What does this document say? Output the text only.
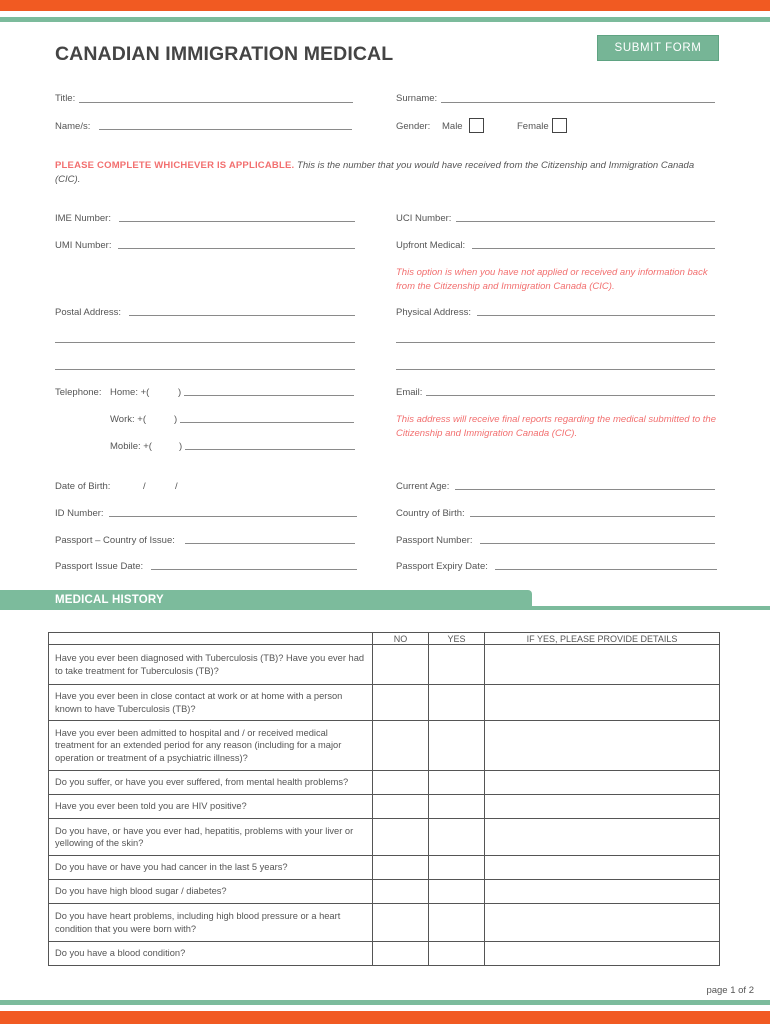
CANADIAN IMMIGRATION MEDICAL	SUBMIT FORM
Title:	Surname:
Name/s:	Gender: Male	Female
PLEASE COMPLETE WHICHEVER IS APPLICABLE. This is the number that you would have received from the Citizenship and Immigration Canada (CIC).
IME Number:	UCI Number:
UMI Number:	Upfront Medical:
This option is when you have not applied or received any information back from the Citizenship and Immigration Canada (CIC).
Postal Address:	Physical Address:
Telephone: Home: +(	)
Work: +(	)
Mobile: +(	)
Email:
This address will receive final reports regarding the medical submitted to the Citizenship and Immigration Canada (CIC).
Date of Birth:	/	/	Current Age:
ID Number:	Country of Birth:
Passport – Country of Issue:	Passport Number:
Passport Issue Date:	Passport Expiry Date:
MEDICAL HISTORY
	NO	YES	IF YES, PLEASE PROVIDE DETAILS
Have you ever been diagnosed with Tuberculosis (TB)? Have you ever had to take treatment for Tuberculosis (TB)?			
Have you ever been in close contact at work or at home with a person known to have Tuberculosis (TB)?			
Have you ever been admitted to hospital and / or received medical treatment for an extended period for any reason (including for a major operation or treatment of a psychiatric illness)?			
Do you suffer, or have you ever suffered, from mental health problems?			
Have you ever been told you are HIV positive?			
Do you have, or have you ever had, hepatitis, problems with your liver or yellowing of the skin?			
Do you have or have you had cancer in the last 5 years?			
Do you have high blood sugar / diabetes?			
Do you have heart problems, including high blood pressure or a heart condition that you were born with?			
Do you have a blood condition?			
page 1 of 2
